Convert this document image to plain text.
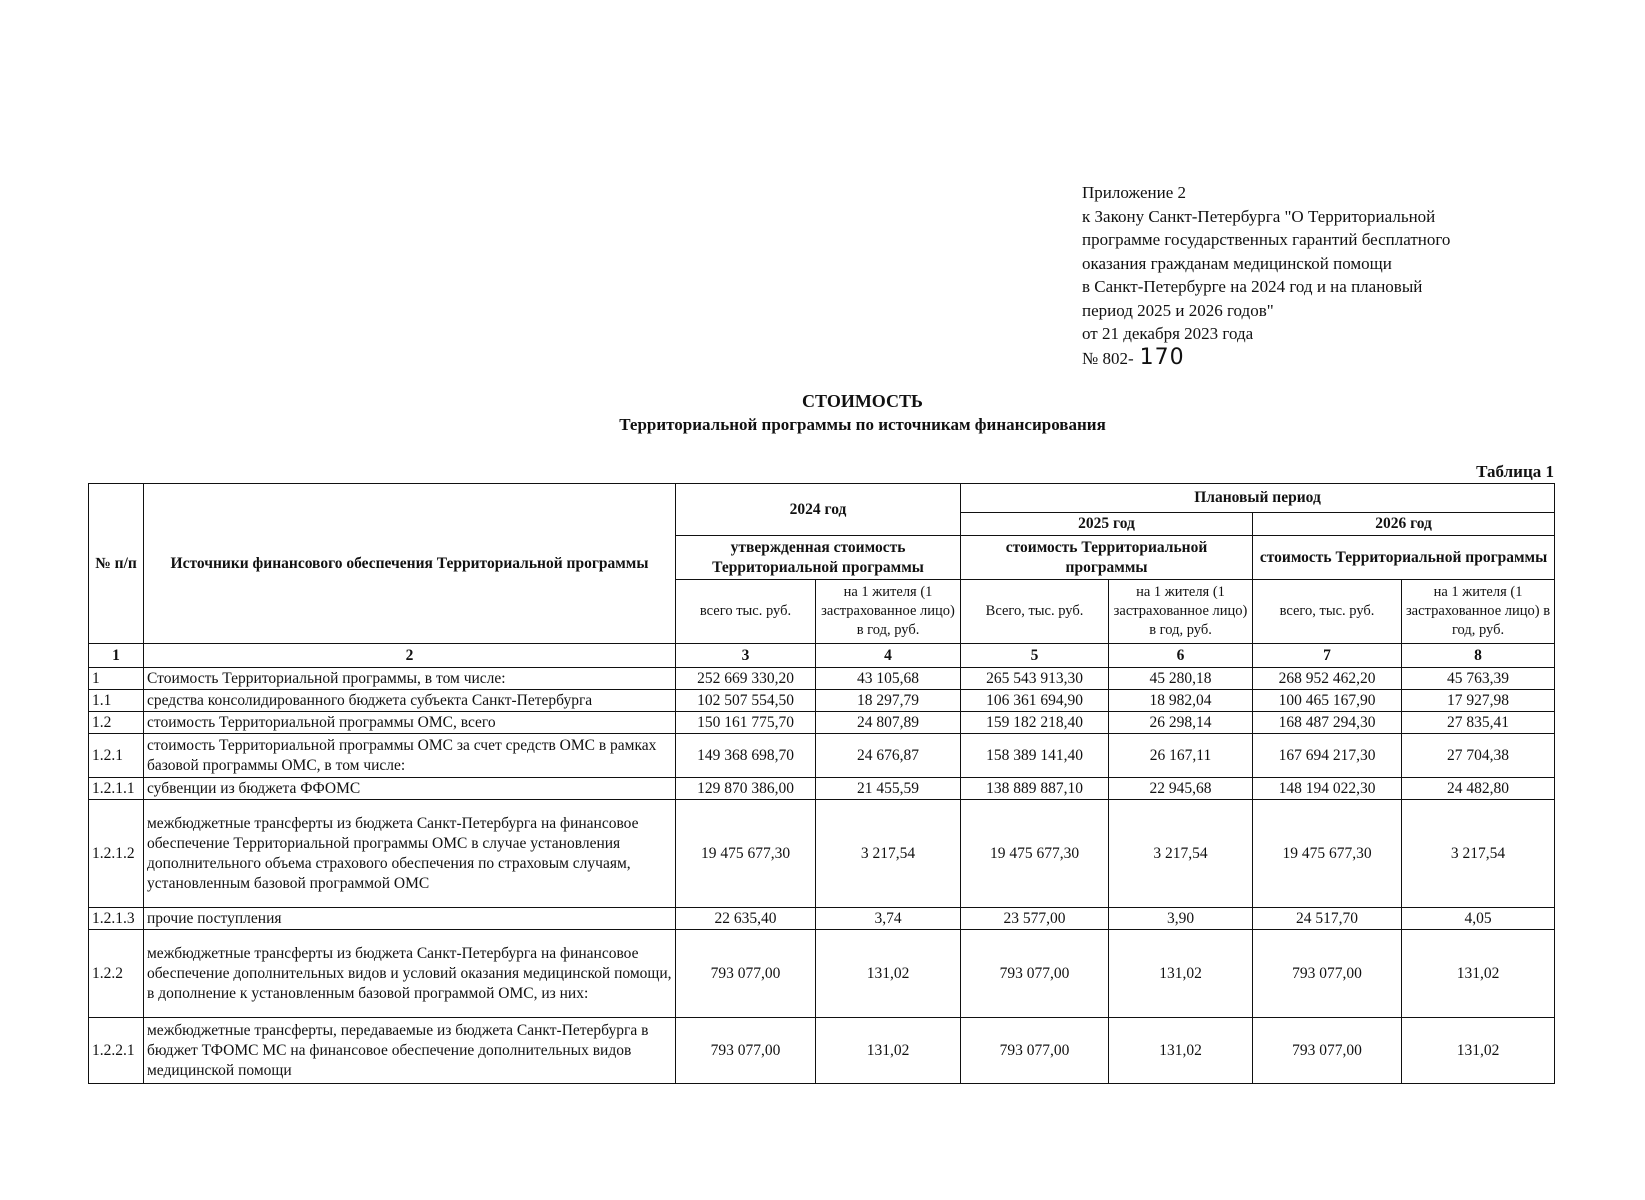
Приложение 2
к Закону Санкт-Петербурга "О Территориальной
программе государственных гарантий бесплатного
оказания гражданам медицинской помощи
в Санкт-Петербурге на 2024 год и на плановый
период 2025 и 2026 годов"
от 21 декабря 2023 года
№ 802- 170
СТОИМОСТЬ
Территориальной программы по источникам финансирования
Таблица 1
№ п/п	Источники финансового обеспечения Территориальной программы	2024 год		Плановый период			
				2025 год		2026 год	
		утвержденная стоимость Территориальной программы		стоимость Территориальной программы		стоимость Территориальной программы	
		всего тыс. руб.	на 1 жителя (1 застрахованное лицо) в год, руб.	Всего, тыс. руб.	на 1 жителя (1 застрахованное лицо) в год, руб.	всего, тыс. руб.	на 1 жителя (1 застрахованное лицо) в год, руб.
1	2	3	4	5	6	7	8
1	Стоимость Территориальной программы, в том числе:	252 669 330,20	43 105,68	265 543 913,30	45 280,18	268 952 462,20	45 763,39
1.1	средства консолидированного бюджета субъекта Санкт-Петербурга	102 507 554,50	18 297,79	106 361 694,90	18 982,04	100 465 167,90	17 927,98
1.2	стоимость Территориальной программы ОМС, всего	150 161 775,70	24 807,89	159 182 218,40	26 298,14	168 487 294,30	27 835,41
1.2.1	стоимость Территориальной программы ОМС за счет средств ОМС в рамках базовой программы ОМС, в том числе:	149 368 698,70	24 676,87	158 389 141,40	26 167,11	167 694 217,30	27 704,38
1.2.1.1	субвенции из бюджета ФФОМС	129 870 386,00	21 455,59	138 889 887,10	22 945,68	148 194 022,30	24 482,80
1.2.1.2	межбюджетные трансферты из бюджета Санкт-Петербурга на финансовое обеспечение Территориальной программы ОМС в случае установления дополнительного объема страхового обеспечения по страховым случаям, установленным базовой программой ОМС	19 475 677,30	3 217,54	19 475 677,30	3 217,54	19 475 677,30	3 217,54
1.2.1.3	прочие поступления	22 635,40	3,74	23 577,00	3,90	24 517,70	4,05
1.2.2	межбюджетные трансферты из бюджета Санкт-Петербурга на финансовое обеспечение дополнительных видов и условий оказания медицинской помощи, в дополнение к установленным базовой программой ОМС, из них:	793 077,00	131,02	793 077,00	131,02	793 077,00	131,02
1.2.2.1	межбюджетные трансферты, передаваемые из бюджета Санкт-Петербурга в бюджет ТФОМС МС на финансовое обеспечение дополнительных видов медицинской помощи	793 077,00	131,02	793 077,00	131,02	793 077,00	131,02
